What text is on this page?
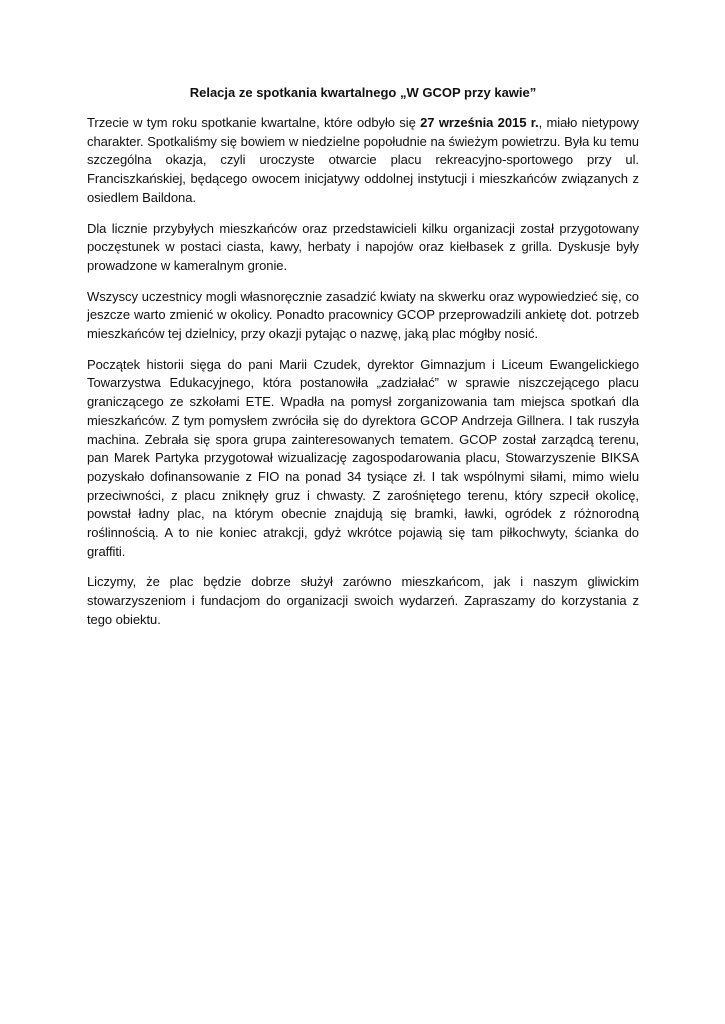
Relacja ze spotkania kwartalnego „W GCOP przy kawie”

Trzecie w tym roku spotkanie kwartalne, które odbyło się 27 września 2015 r., miało nietypowy charakter. Spotkaliśmy się bowiem w niedzielne popołudnie na świeżym powietrzu. Była ku temu szczególna okazja, czyli uroczyste otwarcie placu rekreacyjno-sportowego przy ul. Franciszkańskiej, będącego owocem inicjatywy oddolnej instytucji i mieszkańców związanych z osiedlem Baildona.

Dla licznie przybyłych mieszkańców oraz przedstawicieli kilku organizacji został przygotowany poczęstunek w postaci ciasta, kawy, herbaty i napojów oraz kiełbasek z grilla. Dyskusje były prowadzone w kameralnym gronie.

Wszyscy uczestnicy mogli własnoręcznie zasadzić kwiaty na skwerku oraz wypowiedzieć się, co jeszcze warto zmienić w okolicy. Ponadto pracownicy GCOP przeprowadzili ankietę dot. potrzeb mieszkańców tej dzielnicy, przy okazji pytając o nazwę, jaką plac mógłby nosić.

Początek historii sięga do pani Marii Czudek, dyrektor Gimnazjum i Liceum Ewangelickiego Towarzystwa Edukacyjnego, która postanowiła „zadziałać” w sprawie niszczejącego placu graniczącego ze szkołami ETE. Wpadła na pomysł zorganizowania tam miejsca spotkań dla mieszkańców. Z tym pomysłem zwróciła się do dyrektora GCOP Andrzeja Gillnera. I tak ruszyła machina. Zebrała się spora grupa zainteresowanych tematem. GCOP został zarządcą terenu, pan Marek Partyka przygotował wizualizację zagospodarowania placu, Stowarzyszenie BIKSA pozyskało dofinansowanie z FIO na ponad 34 tysiące zł. I tak wspólnymi siłami, mimo wielu przeciwności, z placu zniknęły gruz i chwasty. Z zarośniętego terenu, który szpecił okolicę, powstał ładny plac, na którym obecnie znajdują się bramki, ławki, ogródek z różnorodną roślinnością. A to nie koniec atrakcji, gdyż wkrótce pojawią się tam piłkochwyty, ścianka do graffiti.

Liczymy, że plac będzie dobrze służył zarówno mieszkańcom, jak i naszym gliwickim stowarzyszeniom i fundacjom do organizacji swoich wydarzeń. Zapraszamy do korzystania z tego obiektu.
